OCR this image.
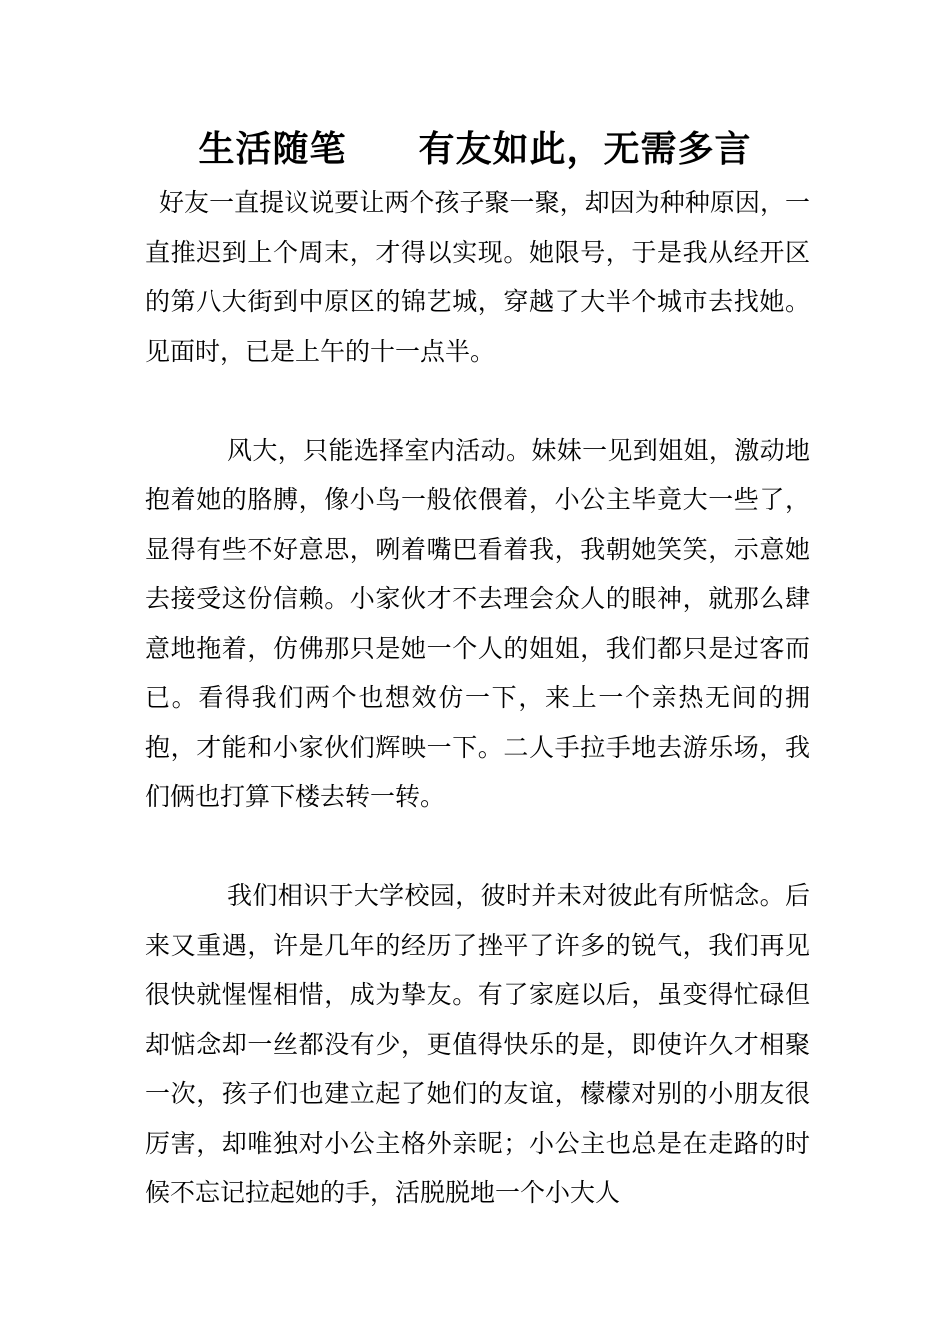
生活随笔 有友如此，无需多言

好友一直提议说要让两个孩子聚一聚，却因为种种原因，一直推迟到上个周末，才得以实现。她限号，于是我从经开区的第八大街到中原区的锦艺城，穿越了大半个城市去找她。见面时，已是上午的十一点半。

风大，只能选择室内活动。妹妹一见到姐姐，激动地抱着她的胳膊，像小鸟一般依偎着，小公主毕竟大一些了，显得有些不好意思，咧着嘴巴看着我，我朝她笑笑，示意她去接受这份信赖。小家伙才不去理会众人的眼神，就那么肆意地拖着，仿佛那只是她一个人的姐姐，我们都只是过客而已。看得我们两个也想效仿一下，来上一个亲热无间的拥抱，才能和小家伙们辉映一下。二人手拉手地去游乐场，我们俩也打算下楼去转一转。

我们相识于大学校园，彼时并未对彼此有所惦念。后来又重遇，许是几年的经历了挫平了许多的锐气，我们再见很快就惺惺相惜，成为挚友。有了家庭以后，虽变得忙碌但却惦念却一丝都没有少，更值得快乐的是，即使许久才相聚一次，孩子们也建立起了她们的友谊，檬檬对别的小朋友很厉害，却唯独对小公主格外亲昵；小公主也总是在走路的时候不忘记拉起她的手，活脱脱地一个小大人
